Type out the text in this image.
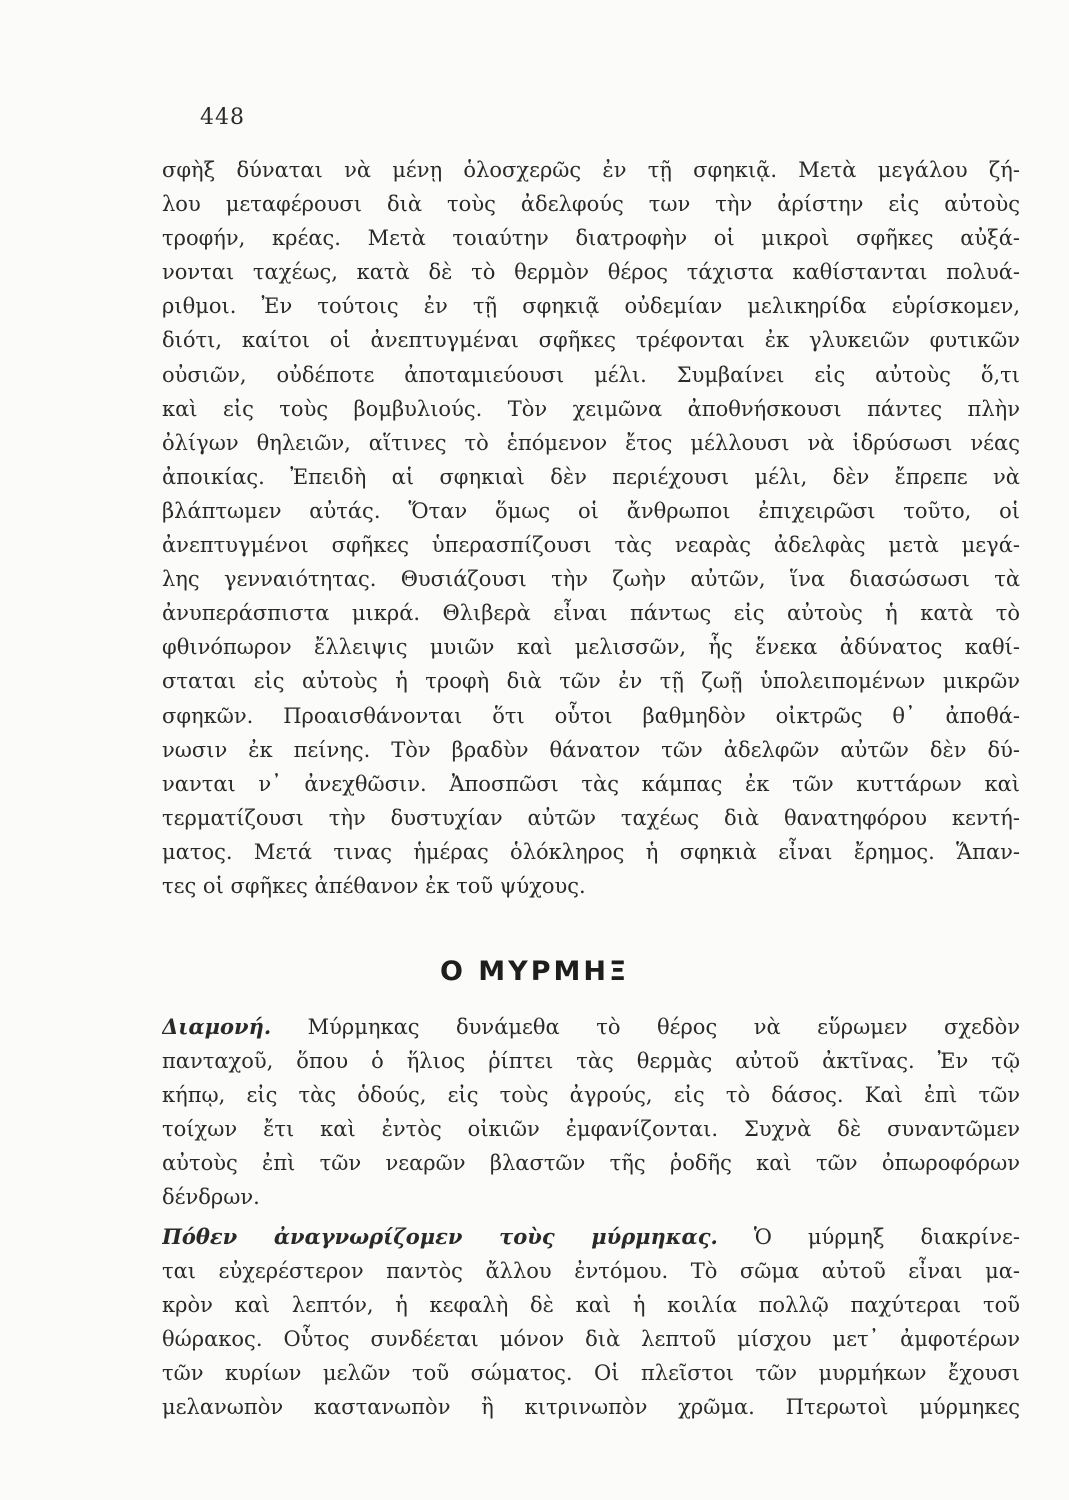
448
σφὴξ δύναται νὰ μένῃ ὁλοσχερῶς ἐν τῇ σφηκιᾷ. Μετὰ μεγάλου ζή-
λου μεταφέρουσι διὰ τοὺς ἀδελφούς των τὴν ἀρίστην εἰς αὐτοὺς
τροφήν, κρέας. Μετὰ τοιαύτην διατροφὴν οἱ μικροὶ σφῆκες αὐξά-
νονται ταχέως, κατὰ δὲ τὸ θερμὸν θέρος τάχιστα καθίστανται πολυά-
ριθμοι. Ἐν τούτοις ἐν τῇ σφηκιᾷ οὐδεμίαν μελικηρίδα εὑρίσκομεν,
διότι, καίτοι οἱ ἀνεπτυγμέναι σφῆκες τρέφονται ἐκ γλυκειῶν φυτικῶν
οὐσιῶν, οὐδέποτε ἀποταμιεύουσι μέλι. Συμβαίνει εἰς αὐτοὺς ὅ,τι
καὶ εἰς τοὺς βομβυλιούς. Τὸν χειμῶνα ἀποθνήσκουσι πάντες πλὴν
ὀλίγων θηλειῶν, αἵτινες τὸ ἑπόμενον ἔτος μέλλουσι νὰ ἱδρύσωσι νέας
ἀποικίας. Ἐπειδὴ αἱ σφηκιαὶ δὲν περιέχουσι μέλι, δὲν ἔπρεπε νὰ
βλάπτωμεν αὐτάς. Ὅταν ὅμως οἱ ἄνθρωποι ἐπιχειρῶσι τοῦτο, οἱ
ἀνεπτυγμένοι σφῆκες ὑπερασπίζουσι τὰς νεαρὰς ἀδελφὰς μετὰ μεγά-
λης γενναιότητας. Θυσιάζουσι τὴν ζωὴν αὐτῶν, ἵνα διασώσωσι τὰ
ἀνυπεράσπιστα μικρά. Θλιβερὰ εἶναι πάντως εἰς αὐτοὺς ἡ κατὰ τὸ
φθινόπωρον ἔλλειψις μυιῶν καὶ μελισσῶν, ἧς ἕνεκα ἀδύνατος καθί-
σταται εἰς αὐτοὺς ἡ τροφὴ διὰ τῶν ἐν τῇ ζωῇ ὑπολειπομένων μικρῶν
σφηκῶν. Προαισθάνονται ὅτι οὗτοι βαθμηδὸν οἰκτρῶς θ᾽ ἀποθά-
νωσιν ἐκ πείνης. Τὸν βραδὺν θάνατον τῶν ἀδελφῶν αὐτῶν δὲν δύ-
νανται ν᾽ ἀνεχθῶσιν. Ἀποσπῶσι τὰς κάμπας ἐκ τῶν κυττάρων καὶ
τερματίζουσι τὴν δυστυχίαν αὐτῶν ταχέως διὰ θανατηφόρου κεντή-
ματος. Μετά τινας ἡμέρας ὁλόκληρος ἡ σφηκιὰ εἶναι ἔρημος. Ἅπαν-
τες οἱ σφῆκες ἀπέθανον ἐκ τοῦ ψύχους.
Ο ΜΥΡΜΗΞ
Διαμονή. Μύρμηκας δυνάμεθα τὸ θέρος νὰ εὕρωμεν σχεδὸν
πανταχοῦ, ὅπου ὁ ἥλιος ῥίπτει τὰς θερμὰς αὐτοῦ ἀκτῖνας. Ἐν τῷ
κήπῳ, εἰς τὰς ὁδούς, εἰς τοὺς ἀγρούς, εἰς τὸ δάσος. Καὶ ἐπὶ τῶν
τοίχων ἔτι καὶ ἐντὸς οἰκιῶν ἐμφανίζονται. Συχνὰ δὲ συναντῶμεν
αὐτοὺς ἐπὶ τῶν νεαρῶν βλαστῶν τῆς ῥοδῆς καὶ τῶν ὀπωροφόρων
δένδρων.
Πόθεν ἀναγνωρίζομεν τοὺς μύρμηκας. Ὁ μύρμηξ διακρίνε-
ται εὐχερέστερον παντὸς ἄλλου ἐντόμου. Τὸ σῶμα αὐτοῦ εἶναι μα-
κρὸν καὶ λεπτόν, ἡ κεφαλὴ δὲ καὶ ἡ κοιλία πολλῷ παχύτεραι τοῦ
θώρακος. Οὗτος συνδέεται μόνον διὰ λεπτοῦ μίσχου μετ᾽ ἀμφοτέρων
τῶν κυρίων μελῶν τοῦ σώματος. Οἱ πλεῖστοι τῶν μυρμήκων ἔχουσι
μελανωπὸν καστανωπὸν ἢ κιτρινωπὸν χρῶμα. Πτερωτοὶ μύρμηκες
